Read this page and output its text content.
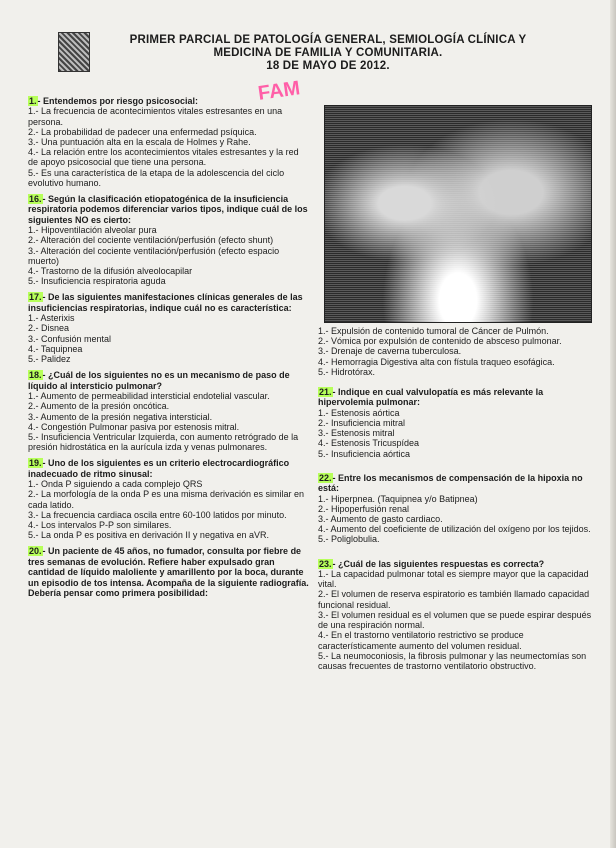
PRIMER PARCIAL DE PATOLOGÍA GENERAL, SEMIOLOGÍA CLÍNICA Y
MEDICINA DE FAMILIA Y COMUNITARIA.
18 DE MAYO DE 2012.
FAM

1.- Entendemos por riesgo psicosocial:

1.- La frecuencia de acontecimientos vitales estresantes en una persona.

2.- La probabilidad de padecer una enfermedad psíquica.

3.- Una puntuación alta en la escala de Holmes y Rahe.

4.- La relación entre los acontecimientos vitales estresantes y la red de apoyo psicosocial que tiene una persona.

5.- Es una característica de la etapa de la adolescencia del ciclo evolutivo humano.

16.- Según la clasificación etiopatogénica de la insuficiencia respiratoria podemos diferenciar varios tipos, indique cuál de los siguientes NO es cierto:

1.- Hipoventilación alveolar pura

2.- Alteración del cociente ventilación/perfusión (efecto shunt)

3.- Alteración del cociente ventilación/perfusión (efecto espacio muerto)

4.- Trastorno de la difusión alveolocapilar

5.- Insuficiencia respiratoria aguda

17.- De las siguientes manifestaciones clínicas generales de las insuficiencias respiratorias, indique cuál no es característica:

1.- Asterixis

2.- Disnea

3.- Confusión mental

4.- Taquipnea

5.- Palidez

18.- ¿Cuál de los siguientes no es un mecanismo de paso de líquido al intersticio pulmonar?

1.- Aumento de permeabilidad intersticial endotelial vascular.

2.- Aumento de la presión oncótica.

3.- Aumento de la presión negativa intersticial.

4.- Congestión Pulmonar pasiva por estenosis mitral.

5.- Insuficiencia Ventricular Izquierda, con aumento retrógrado de la presión hidrostática en la aurícula izda y venas pulmonares.

19.- Uno de los siguientes es un criterio electrocardiográfico inadecuado de ritmo sinusal:

1.- Onda P siguiendo a cada complejo QRS

2.- La morfología de la onda P es una misma derivación es similar en cada latido.

3.- La frecuencia cardiaca oscila entre 60-100 latidos por minuto.

4.- Los intervalos P-P son similares.

5.- La onda P es positiva en derivación II y negativa en aVR.

20.- Un paciente de 45 años, no fumador, consulta por fiebre de tres semanas de evolución. Refiere haber expulsado gran cantidad de líquido maloliente y amarillento por la boca, durante un episodio de tos intensa. Acompaña de la siguiente radiografía. Debería pensar como primera posibilidad:

1.- Expulsión de contenido tumoral de Cáncer de Pulmón.

2.- Vómica por expulsión de contenido de absceso pulmonar.

3.- Drenaje de caverna tuberculosa.

4.- Hemorragia Digestiva alta con fístula traqueo esofágica.

5.- Hidrotórax.

21.- Indique en cual valvulopatía es más relevante la hipervolemia pulmonar:

1.- Estenosis aórtica

2.- Insuficiencia mitral

3.- Estenosis mitral

4.- Estenosis Tricuspídea

5.- Insuficiencia aórtica

22.- Entre los mecanismos de compensación de la hipoxia no está:

1.- Hiperpnea. (Taquipnea y/o Batipnea)

2.- Hipoperfusión renal

3.- Aumento de gasto cardiaco.

4.- Aumento del coeficiente de utilización del oxígeno por los tejidos.

5.- Poliglobulia.

23.- ¿Cuál de las siguientes respuestas es correcta?

1.- La capacidad pulmonar total es siempre mayor que la capacidad vital.

2.- El volumen de reserva espiratorio es también llamado capacidad funcional residual.

3.- El volumen residual es el volumen que se puede espirar después de una respiración normal.

4.- En el trastorno ventilatorio restrictivo se produce característicamente aumento del volumen residual.

5.- La neumoconiosis, la fibrosis pulmonar y las neumectomías son causas frecuentes de trastorno ventilatorio obstructivo.
